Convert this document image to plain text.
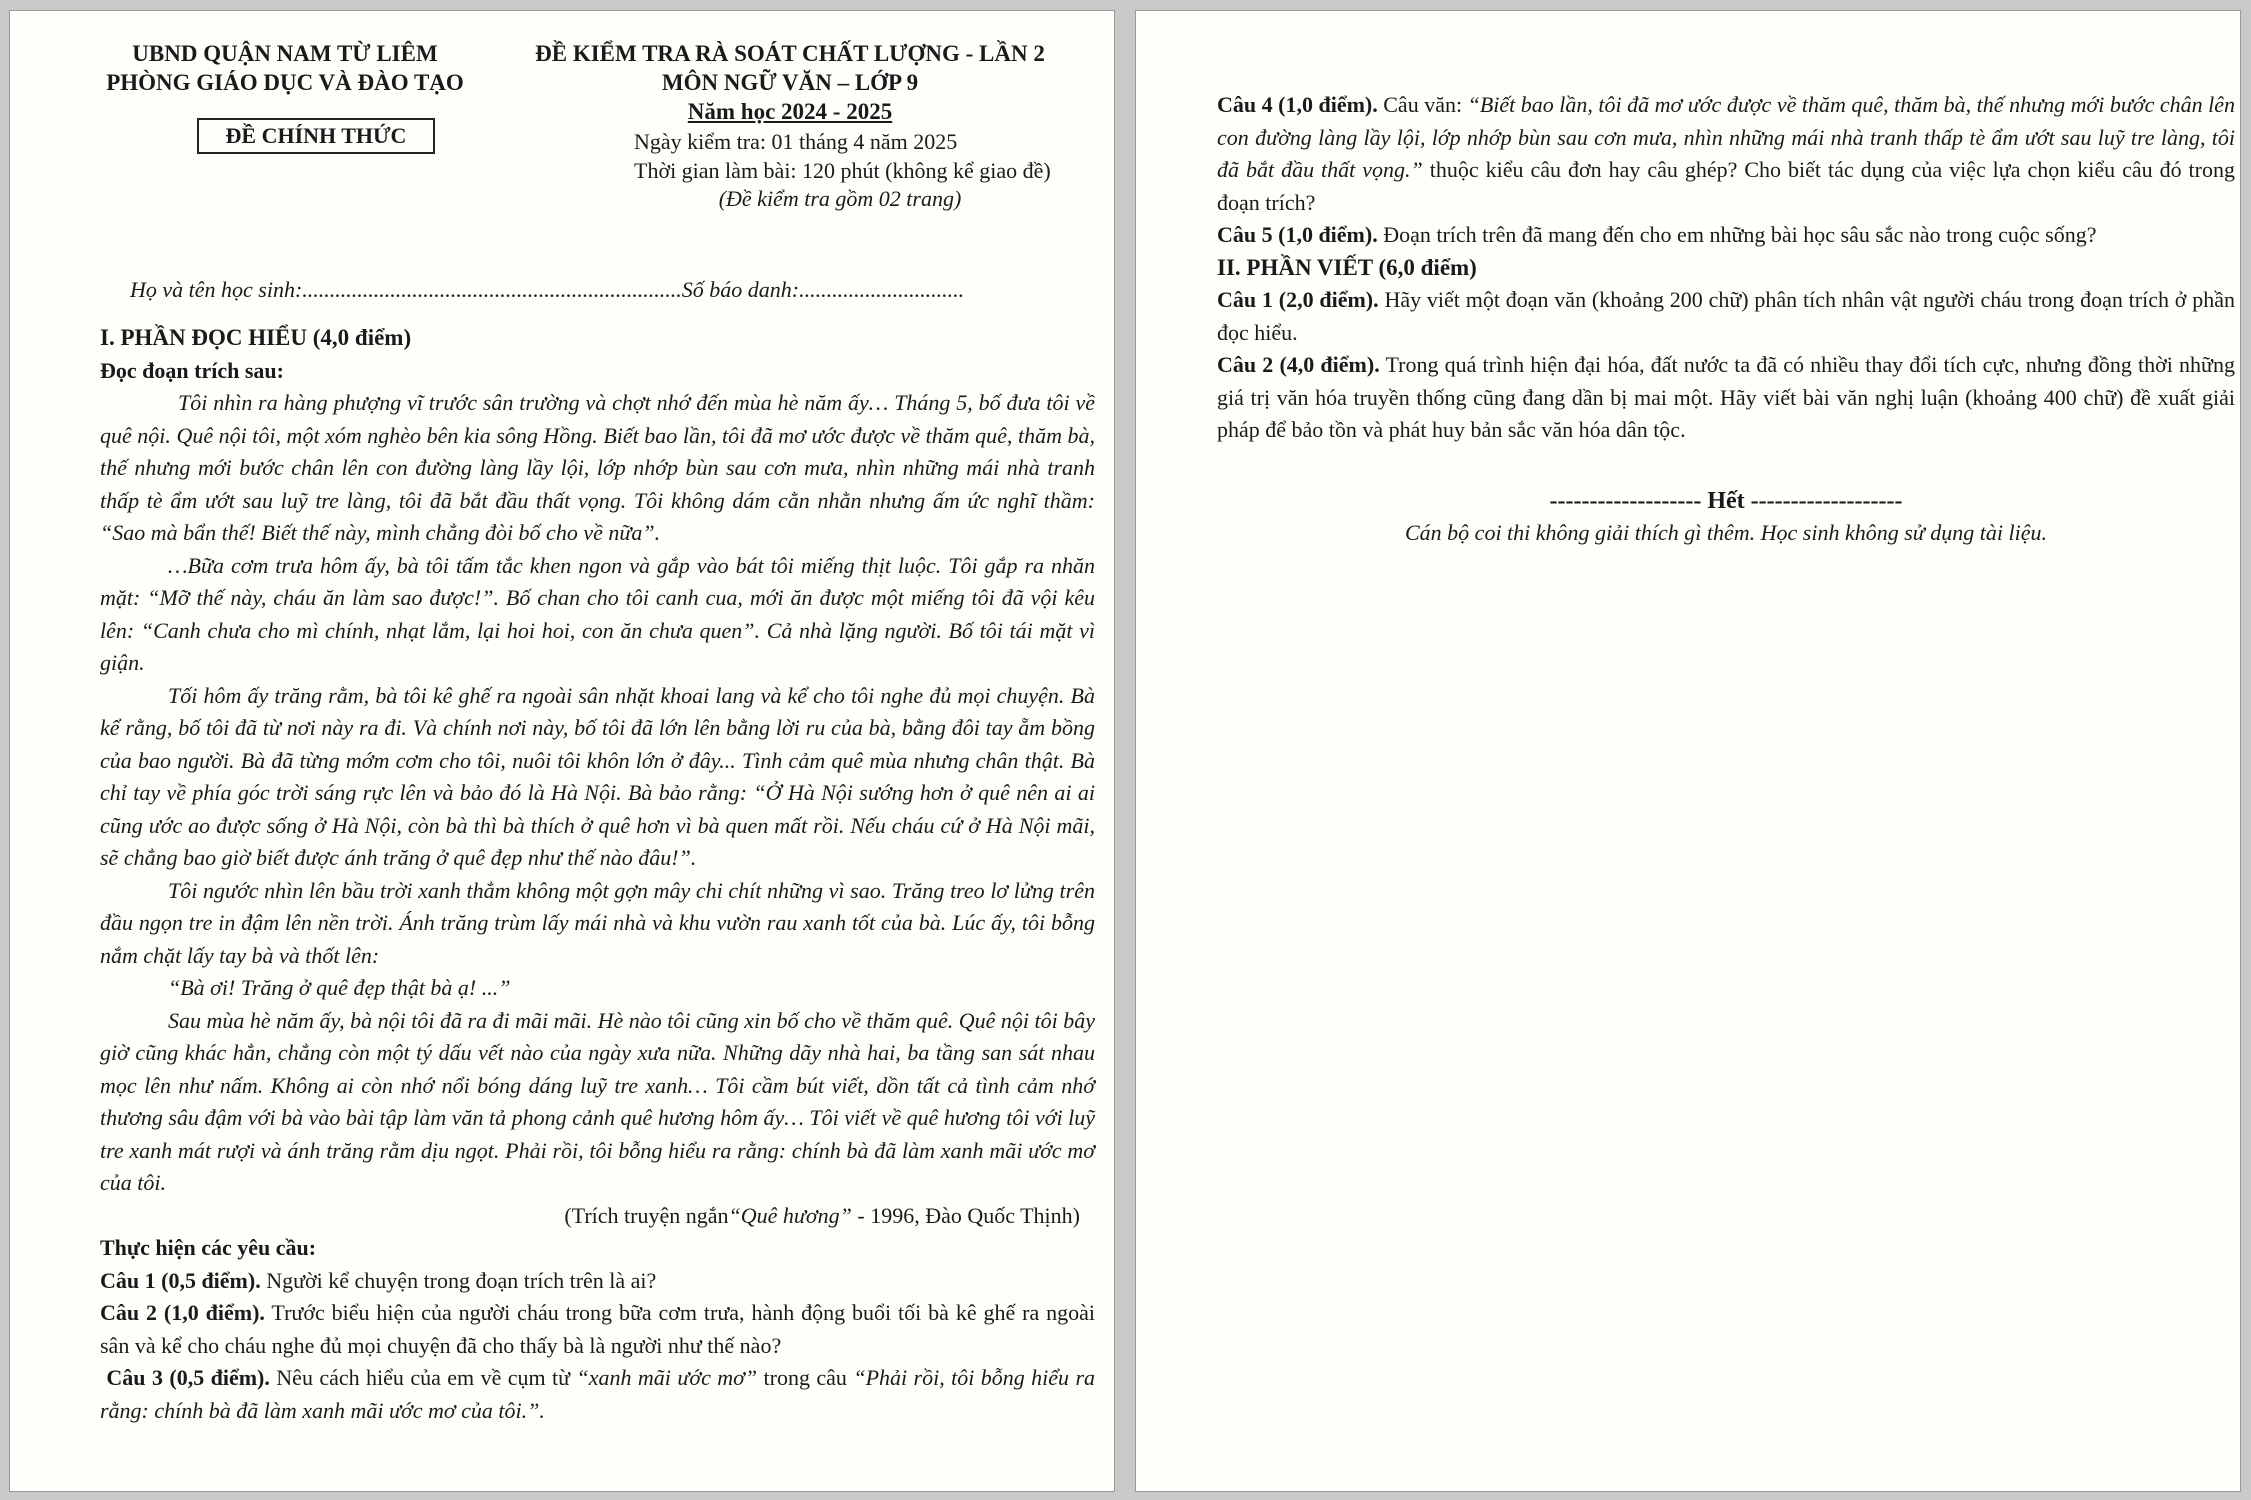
UBND QUẬN NAM TỪ LIÊM
PHÒNG GIÁO DỤC VÀ ĐÀO TẠO
ĐỀ CHÍNH THỨC
ĐỀ KIỂM TRA RÀ SOÁT CHẤT LƯỢNG - LẦN 2
MÔN NGỮ VĂN – LỚP 9
Năm học 2024 - 2025
Ngày kiểm tra: 01 tháng 4 năm 2025
Thời gian làm bài: 120 phút (không kể giao đề)
(Đề kiểm tra gồm 02 trang)
Họ và tên học sinh:.....................................................................Số báo danh:..............................

I. PHẦN ĐỌC HIỂU (4,0 điểm)

Đọc đoạn trích sau:

Tôi nhìn ra hàng phượng vĩ trước sân trường và chợt nhớ đến mùa hè năm ấy… Tháng 5, bố đưa tôi về quê nội. Quê nội tôi, một xóm nghèo bên kia sông Hồng. Biết bao lần, tôi đã mơ ước được về thăm quê, thăm bà, thế nhưng mới bước chân lên con đường làng lầy lội, lớp nhớp bùn sau cơn mưa, nhìn những mái nhà tranh thấp tè ẩm ướt sau luỹ tre làng, tôi đã bắt đầu thất vọng. Tôi không dám cằn nhằn nhưng ấm ức nghĩ thầm: “Sao mà bẩn thế! Biết thế này, mình chẳng đòi bố cho về nữa”.

…Bữa cơm trưa hôm ấy, bà tôi tấm tắc khen ngon và gắp vào bát tôi miếng thịt luộc. Tôi gắp ra nhăn mặt: “Mỡ thế này, cháu ăn làm sao được!”. Bố chan cho tôi canh cua, mới ăn được một miếng tôi đã vội kêu lên: “Canh chưa cho mì chính, nhạt lắm, lại hoi hoi, con ăn chưa quen”. Cả nhà lặng người. Bố tôi tái mặt vì giận.

Tối hôm ấy trăng rằm, bà tôi kê ghế ra ngoài sân nhặt khoai lang và kể cho tôi nghe đủ mọi chuyện. Bà kể rằng, bố tôi đã từ nơi này ra đi. Và chính nơi này, bố tôi đã lớn lên bằng lời ru của bà, bằng đôi tay ẵm bồng của bao người. Bà đã từng mớm cơm cho tôi, nuôi tôi khôn lớn ở đây... Tình cảm quê mùa nhưng chân thật. Bà chỉ tay về phía góc trời sáng rực lên và bảo đó là Hà Nội. Bà bảo rằng: “Ở Hà Nội sướng hơn ở quê nên ai ai cũng ước ao được sống ở Hà Nội, còn bà thì bà thích ở quê hơn vì bà quen mất rồi. Nếu cháu cứ ở Hà Nội mãi, sẽ chẳng bao giờ biết được ánh trăng ở quê đẹp như thế nào đâu!”.

Tôi ngước nhìn lên bầu trời xanh thẳm không một gợn mây chi chít những vì sao. Trăng treo lơ lửng trên đầu ngọn tre in đậm lên nền trời. Ánh trăng trùm lấy mái nhà và khu vườn rau xanh tốt của bà. Lúc ấy, tôi bỗng nắm chặt lấy tay bà và thốt lên:

“Bà ơi! Trăng ở quê đẹp thật bà ạ! ...”

Sau mùa hè năm ấy, bà nội tôi đã ra đi mãi mãi. Hè nào tôi cũng xin bố cho về thăm quê. Quê nội tôi bây giờ cũng khác hẳn, chẳng còn một tý dấu vết nào của ngày xưa nữa. Những dãy nhà hai, ba tầng san sát nhau mọc lên như nấm. Không ai còn nhớ nổi bóng dáng luỹ tre xanh… Tôi cầm bút viết, dồn tất cả tình cảm nhớ thương sâu đậm với bà vào bài tập làm văn tả phong cảnh quê hương hôm ấy… Tôi viết về quê hương tôi với luỹ tre xanh mát rượi và ánh trăng rằm dịu ngọt. Phải rồi, tôi bỗng hiểu ra rằng: chính bà đã làm xanh mãi ước mơ của tôi.

(Trích truyện ngắn“Quê hương” - 1996, Đào Quốc Thịnh)

Thực hiện các yêu cầu:

Câu 1 (0,5 điểm). Người kể chuyện trong đoạn trích trên là ai?

Câu 2 (1,0 điểm). Trước biểu hiện của người cháu trong bữa cơm trưa, hành động buổi tối bà kê ghế ra ngoài sân và kể cho cháu nghe đủ mọi chuyện đã cho thấy bà là người như thế nào?

Câu 3 (0,5 điểm). Nêu cách hiểu của em về cụm từ “xanh mãi ước mơ” trong câu “Phải rồi, tôi bỗng hiểu ra rằng: chính bà đã làm xanh mãi ước mơ của tôi.”.

Câu 4 (1,0 điểm). Câu văn: “Biết bao lần, tôi đã mơ ước được về thăm quê, thăm bà, thế nhưng mới bước chân lên con đường làng lầy lội, lớp nhớp bùn sau cơn mưa, nhìn những mái nhà tranh thấp tè ẩm ướt sau luỹ tre làng, tôi đã bắt đầu thất vọng.” thuộc kiểu câu đơn hay câu ghép? Cho biết tác dụng của việc lựa chọn kiểu câu đó trong đoạn trích?

Câu 5 (1,0 điểm). Đoạn trích trên đã mang đến cho em những bài học sâu sắc nào trong cuộc sống?

II. PHẦN VIẾT (6,0 điểm)

Câu 1 (2,0 điểm). Hãy viết một đoạn văn (khoảng 200 chữ) phân tích nhân vật người cháu trong đoạn trích ở phần đọc hiểu.

Câu 2 (4,0 điểm). Trong quá trình hiện đại hóa, đất nước ta đã có nhiều thay đổi tích cực, nhưng đồng thời những giá trị văn hóa truyền thống cũng đang dần bị mai một. Hãy viết bài văn nghị luận (khoảng 400 chữ) đề xuất giải pháp để bảo tồn và phát huy bản sắc văn hóa dân tộc.

------------------- Hết -------------------

Cán bộ coi thi không giải thích gì thêm. Học sinh không sử dụng tài liệu.
